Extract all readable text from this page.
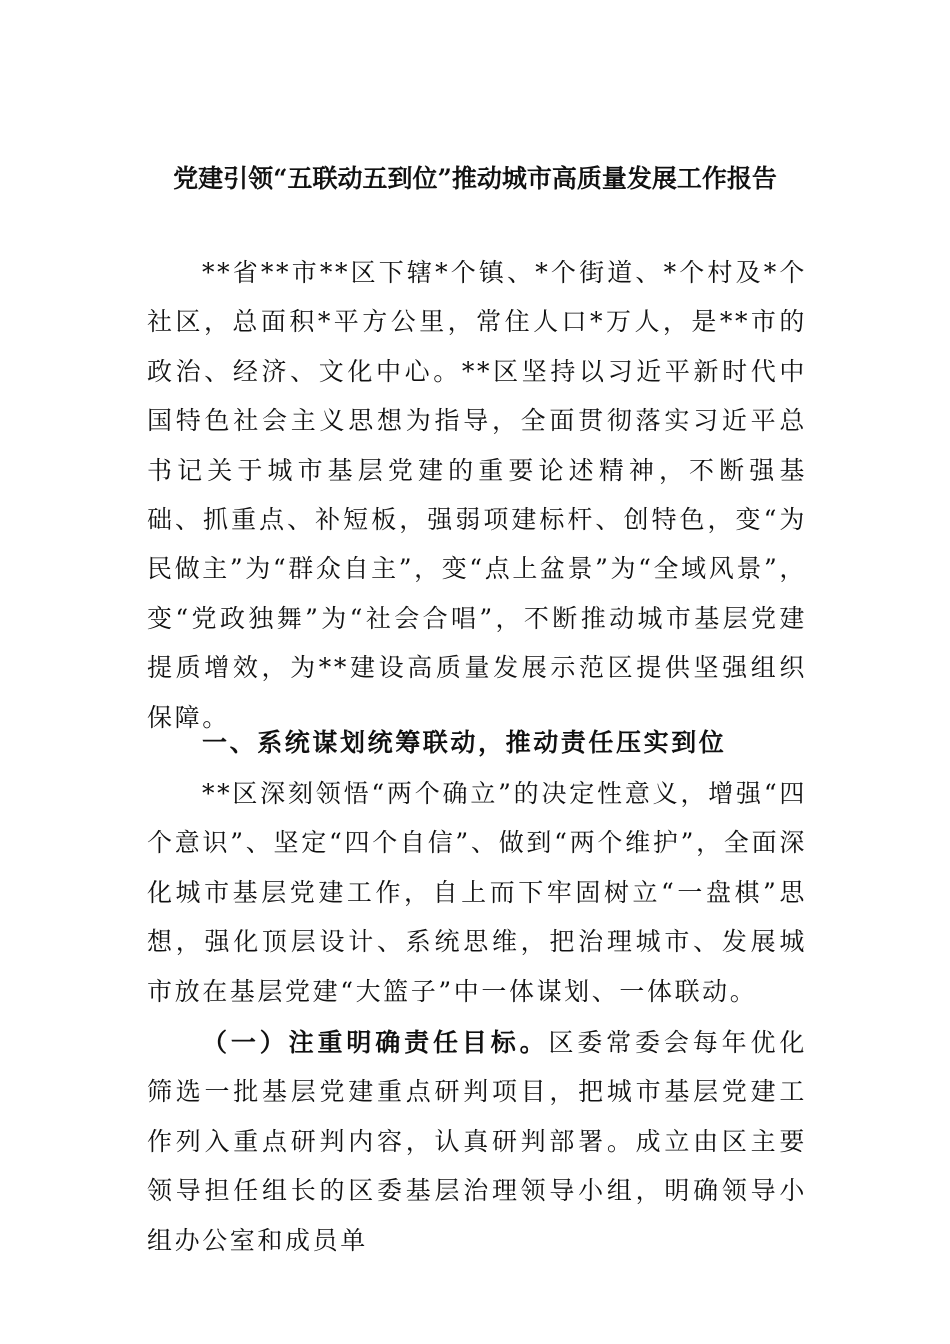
党建引领“五联动五到位”推动城市高质量发展工作报告

**省**市**区下辖*个镇、*个街道、*个村及*个社区，总面积*平方公里，常住人口*万人，是**市的政治、经济、文化中心。**区坚持以习近平新时代中国特色社会主义思想为指导，全面贯彻落实习近平总书记关于城市基层党建的重要论述精神，不断强基础、抓重点、补短板，强弱项建标杆、创特色，变“为民做主”为“群众自主”，变“点上盆景”为“全域风景”，变“党政独舞”为“社会合唱”，不断推动城市基层党建提质增效，为**建设高质量发展示范区提供坚强组织保障。

一、系统谋划统筹联动，推动责任压实到位

**区深刻领悟“两个确立”的决定性意义，增强“四个意识”、坚定“四个自信”、做到“两个维护”，全面深化城市基层党建工作，自上而下牢固树立“一盘棋”思想，强化顶层设计、系统思维，把治理城市、发展城市放在基层党建“大篮子”中一体谋划、一体联动。

（一）注重明确责任目标。区委常委会每年优化筛选一批基层党建重点研判项目，把城市基层党建工作列入重点研判内容，认真研判部署。成立由区主要领导担任组长的区委基层治理领导小组，明确领导小组办公室和成员单
